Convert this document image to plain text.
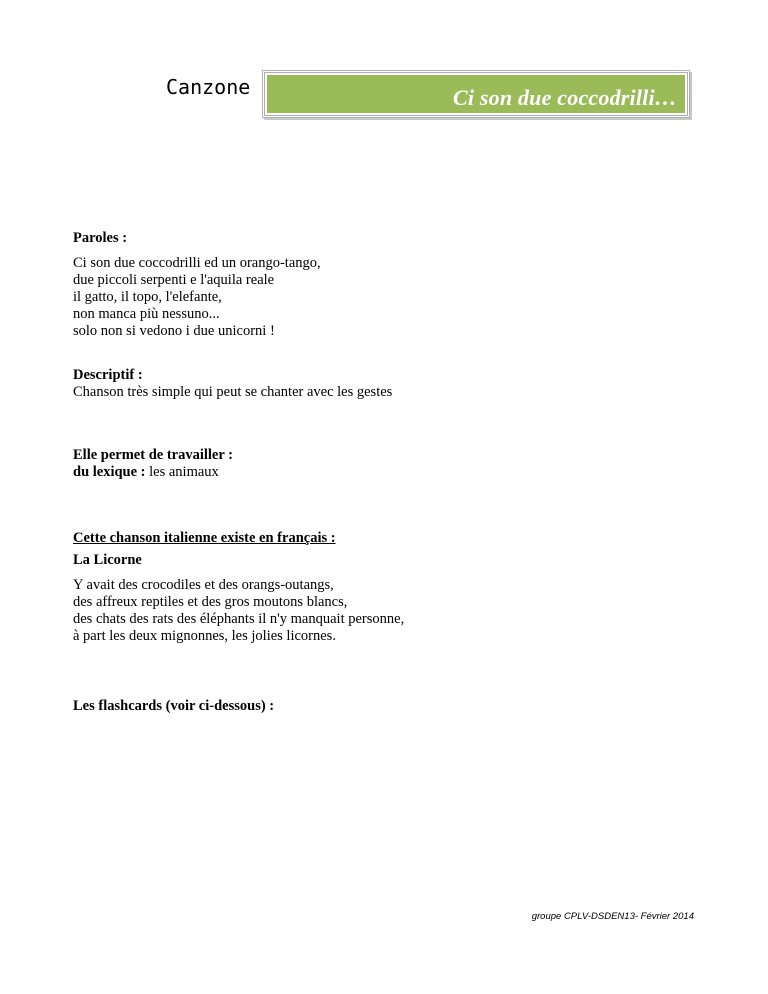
Canzone	Ci son due coccodrilli…
Paroles :
Ci son due coccodrilli ed un orango-tango,
due piccoli serpenti e l'aquila reale
il gatto, il topo, l'elefante,
non manca più nessuno...
solo non si vedono i due unicorni !
Descriptif :
Chanson très simple qui peut se chanter avec les gestes
Elle permet de travailler :
du lexique : les animaux
Cette chanson italienne existe en français :
La Licorne
Y avait des crocodiles et des orangs-outangs,
des affreux reptiles et des gros moutons blancs,
des chats des rats des éléphants il n'y manquait personne,
à part les deux mignonnes, les jolies licornes.
Les flashcards (voir ci-dessous) :
groupe CPLV-DSDEN13- Février 2014
